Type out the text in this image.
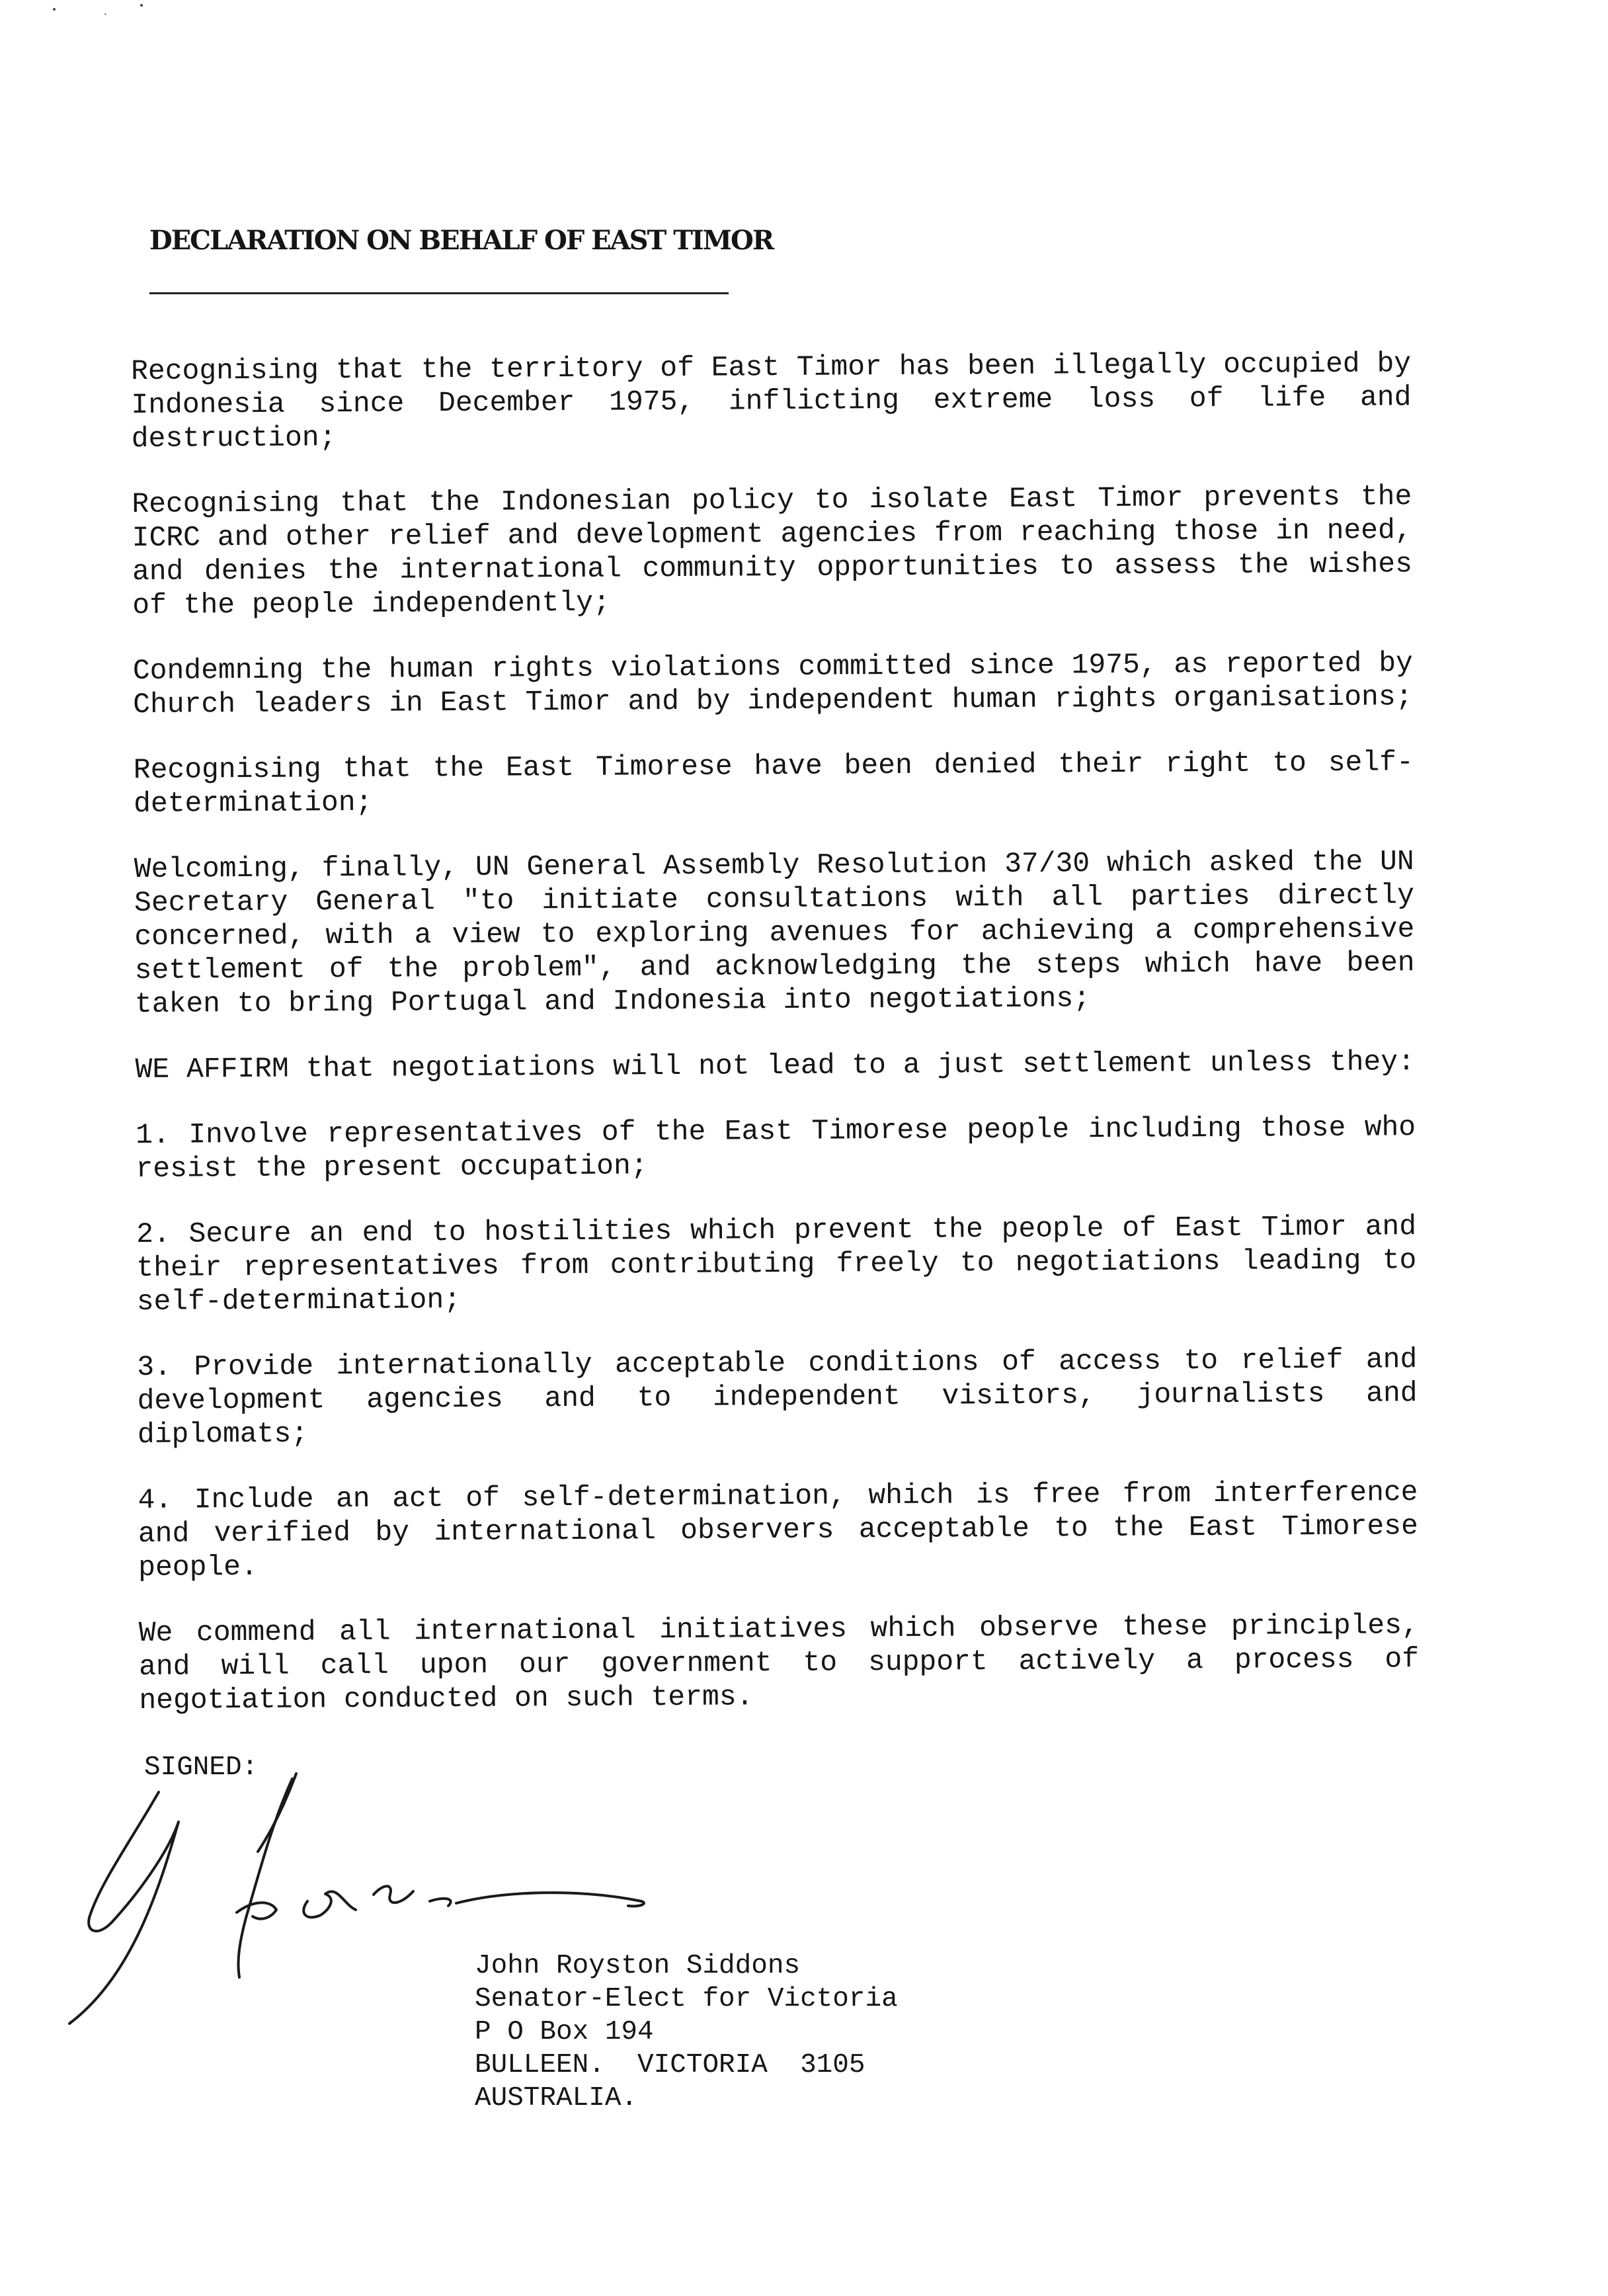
DECLARATION ON BEHALF OF EAST TIMOR

Recognising that the territory of East Timor has been illegally occupied by Indonesia since December 1975, inflicting extreme loss of life and destruction;

Recognising that the Indonesian policy to isolate East Timor prevents the ICRC and other relief and development agencies from reaching those in need, and denies the international community opportunities to assess the wishes of the people independently;

Condemning the human rights violations committed since 1975, as reported by Church leaders in East Timor and by independent human rights organisations;

Recognising that the East Timorese have been denied their right to self-determination;

Welcoming, finally, UN General Assembly Resolution 37/30 which asked the UN Secretary General "to initiate consultations with all parties directly concerned, with a view to exploring avenues for achieving a comprehensive settlement of the problem", and acknowledging the steps which have been taken to bring Portugal and Indonesia into negotiations;

WE AFFIRM that negotiations will not lead to a just settlement unless they:

1. Involve representatives of the East Timorese people including those who resist the present occupation;

2. Secure an end to hostilities which prevent the people of East Timor and their representatives from contributing freely to negotiations leading to self-determination;

3. Provide internationally acceptable conditions of access to relief and development agencies and to independent visitors, journalists and diplomats;

4. Include an act of self-determination, which is free from interference and verified by international observers acceptable to the East Timorese people.

We commend all international initiatives which observe these principles, and will call upon our government to support actively a process of negotiation conducted on such terms.

SIGNED:
John Royston Siddons
Senator-Elect for Victoria
P O Box 194
BULLEEN.  VICTORIA  3105
AUSTRALIA.
